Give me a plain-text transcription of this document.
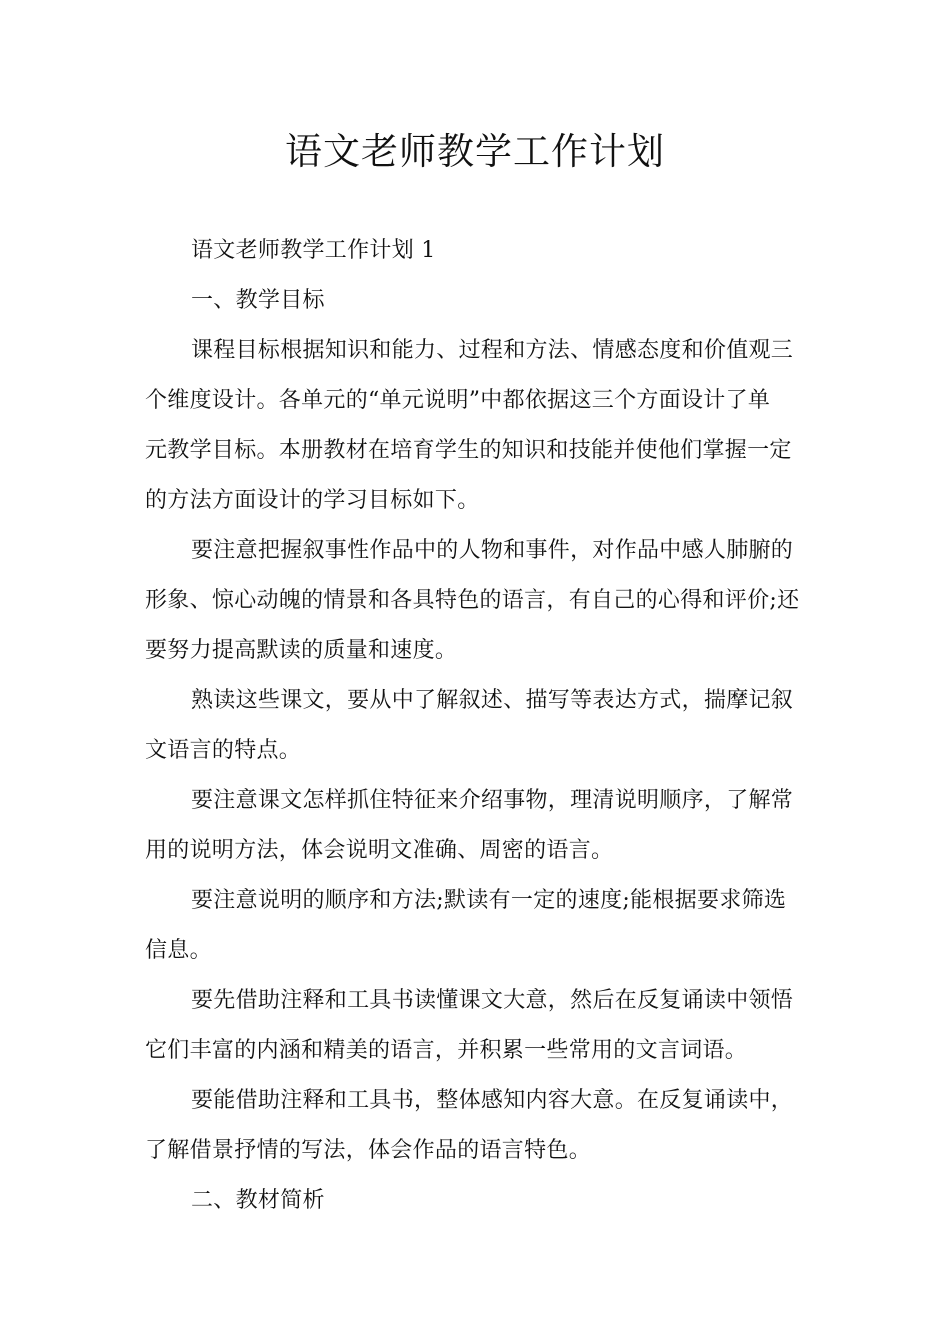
语文老师教学工作计划

语文老师教学工作计划 1

一、教学目标

课程目标根据知识和能力、过程和方法、情感态度和价值观三

个维度设计。各单元的“单元说明”中都依据这三个方面设计了单

元教学目标。本册教材在培育学生的知识和技能并使他们掌握一定

的方法方面设计的学习目标如下。

要注意把握叙事性作品中的人物和事件，对作品中感人肺腑的

形象、惊心动魄的情景和各具特色的语言，有自己的心得和评价;还

要努力提高默读的质量和速度。

熟读这些课文，要从中了解叙述、描写等表达方式，揣摩记叙

文语言的特点。

要注意课文怎样抓住特征来介绍事物，理清说明顺序，了解常

用的说明方法，体会说明文准确、周密的语言。

要注意说明的顺序和方法;默读有一定的速度;能根据要求筛选

信息。

要先借助注释和工具书读懂课文大意，然后在反复诵读中领悟

它们丰富的内涵和精美的语言，并积累一些常用的文言词语。

要能借助注释和工具书，整体感知内容大意。在反复诵读中，

了解借景抒情的写法，体会作品的语言特色。

二、教材简析
